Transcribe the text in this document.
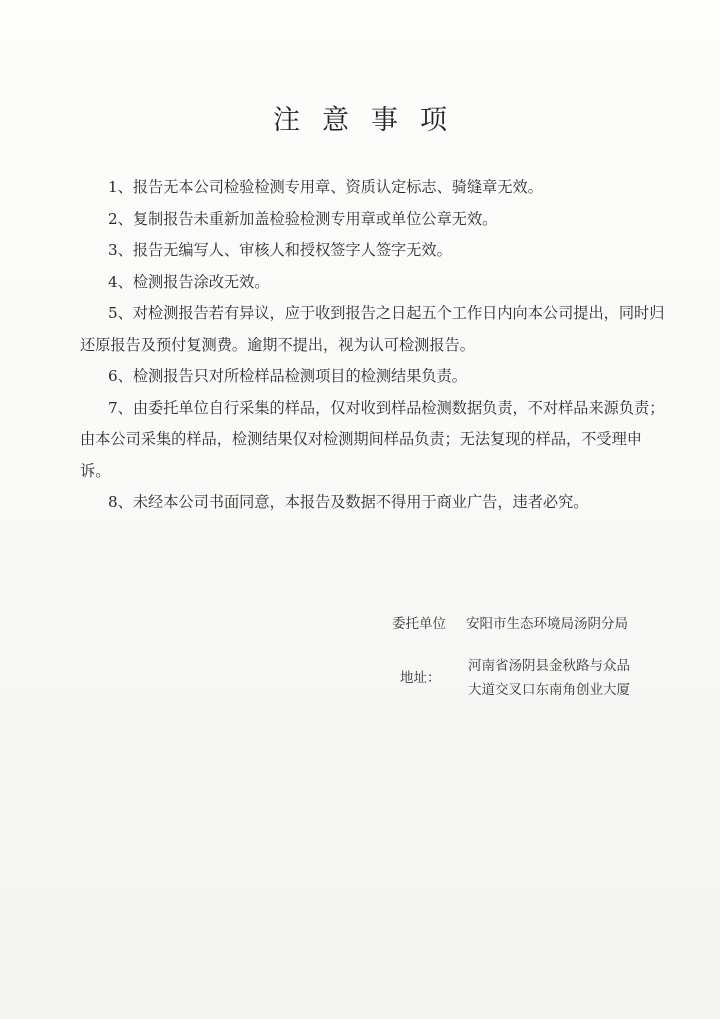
注意事项

1、报告无本公司检验检测专用章、资质认定标志、骑缝章无效。

2、复制报告未重新加盖检验检测专用章或单位公章无效。

3、报告无编写人、审核人和授权签字人签字无效。

4、检测报告涂改无效。

5、对检测报告若有异议，应于收到报告之日起五个工作日内向本公司提出，同时归还原报告及预付复测费。逾期不提出，视为认可检测报告。

6、检测报告只对所检样品检测项目的检测结果负责。

7、由委托单位自行采集的样品，仅对收到样品检测数据负责，不对样品来源负责；由本公司采集的样品，检测结果仅对检测期间样品负责；无法复现的样品，不受理申诉。

8、未经本公司书面同意，本报告及数据不得用于商业广告，违者必究。

委托单位 安阳市生态环境局汤阴分局
地址：
河南省汤阴县金秋路与众品
大道交叉口东南角创业大厦
